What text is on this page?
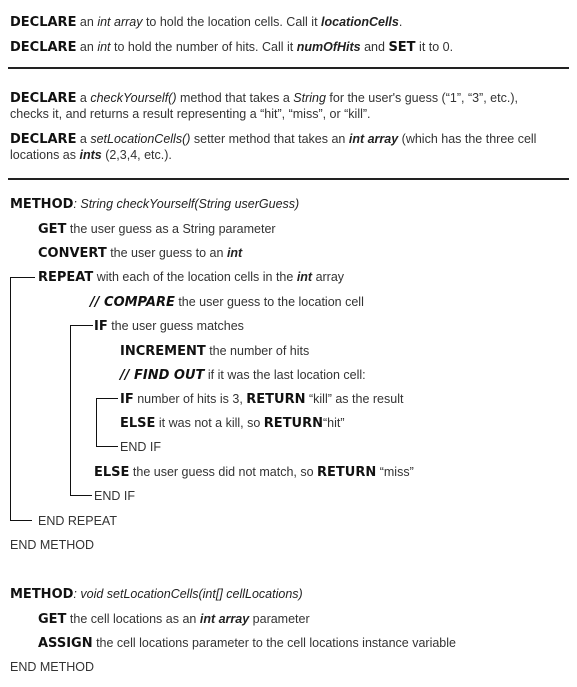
DECLARE an int array to hold the location cells. Call it locationCells.
DECLARE an int to hold the number of hits. Call it numOfHits and SET it to 0.
DECLARE a checkYourself() method that takes a String for the user's guess (“1”, “3”, etc.),
checks it, and returns a result representing a “hit”, “miss”, or “kill”.
DECLARE a setLocationCells() setter method that takes an int array (which has the three cell
locations as ints (2,3,4, etc.).
METHOD: String checkYourself(String userGuess)
GET the user guess as a String parameter
CONVERT the user guess to an int
REPEAT with each of the location cells in the int array
// COMPARE the user guess to the location cell
IF the user guess matches
INCREMENT the number of hits
// FIND OUT if it was the last location cell:
IF number of hits is 3, RETURN “kill” as the result
ELSE it was not a kill, so RETURN“hit”
END IF
ELSE the user guess did not match, so RETURN “miss”
END IF
END REPEAT
END METHOD
METHOD: void setLocationCells(int[] cellLocations)
GET the cell locations as an int array parameter
ASSIGN the cell locations parameter to the cell locations instance variable
END METHOD
